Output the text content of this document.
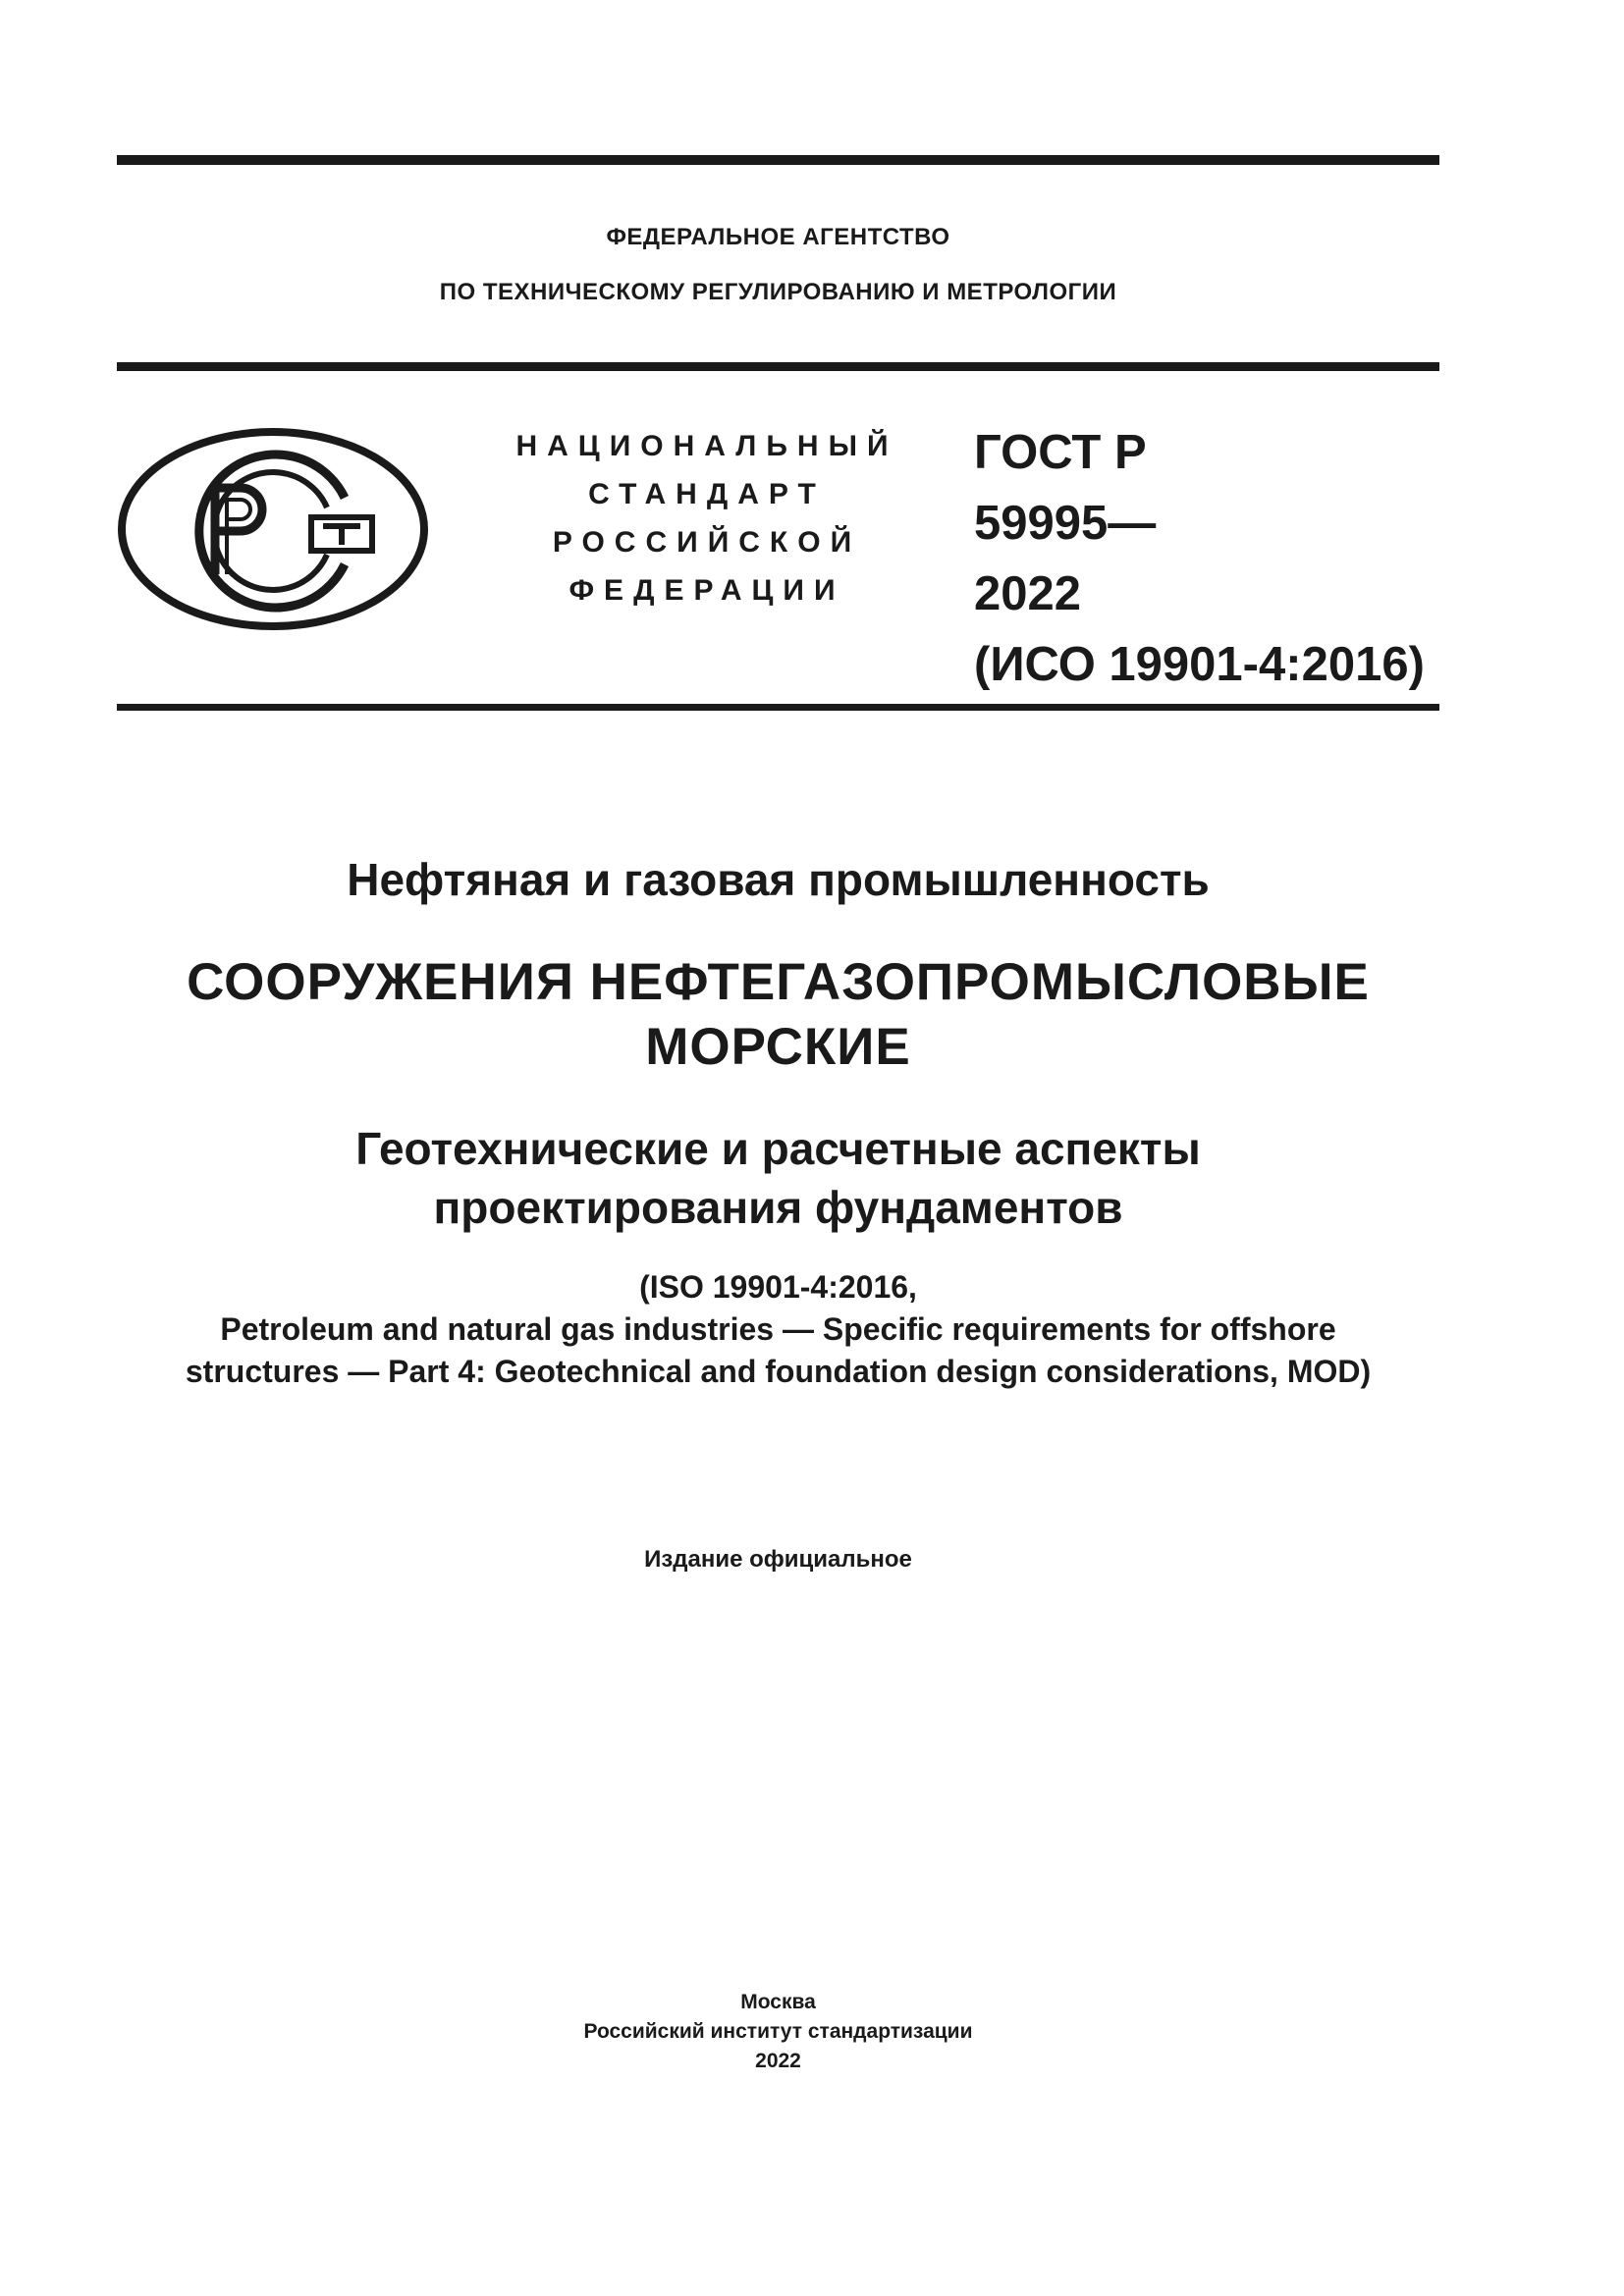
ФЕДЕРАЛЬНОЕ АГЕНТСТВО
ПО ТЕХНИЧЕСКОМУ РЕГУЛИРОВАНИЮ И МЕТРОЛОГИИ
НАЦИОНАЛЬНЫЙ
СТАНДАРТ
РОССИЙСКОЙ
ФЕДЕРАЦИИ
ГОСТ Р
59995—
2022
(ИСО 19901-4:2016)
Нефтяная и газовая промышленность
СООРУЖЕНИЯ НЕФТЕГАЗОПРОМЫСЛОВЫЕ
МОРСКИЕ
Геотехнические и расчетные аспекты
проектирования фундаментов
(ISO 19901-4:2016,
Petroleum and natural gas industries — Specific requirements for offshore
structures — Part 4: Geotechnical and foundation design considerations, MOD)
Издание официальное
Москва
Российский институт стандартизации
2022
